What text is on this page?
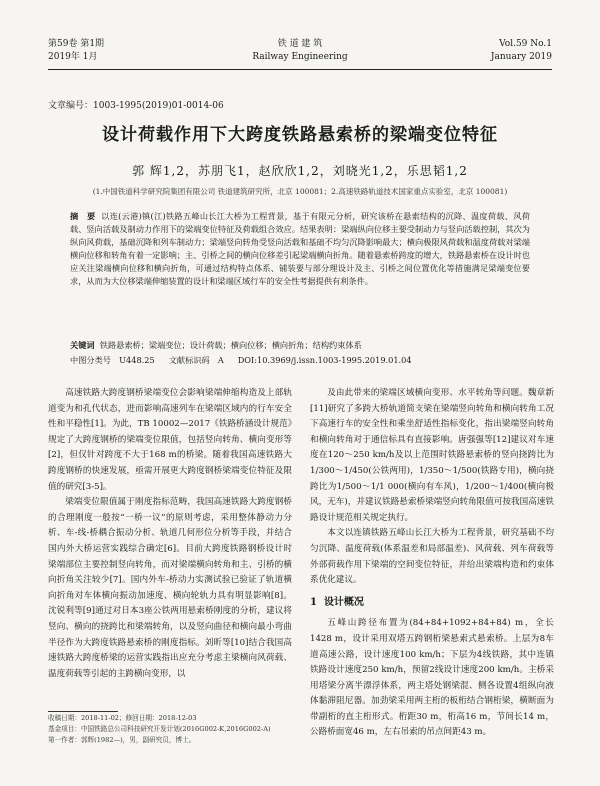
第59卷 第1期	铁 道 建 筑	Vol.59 No.1
2019年 1月	Railway Engineering	January 2019
文章编号：1003-1995(2019)01-0014-06
设计荷载作用下大跨度铁路悬索桥的梁端变位特征
郭 辉1,2，苏朋飞1，赵欣欣1,2，刘晓光1,2，乐思韬1,2
(1.中国铁道科学研究院集团有限公司 铁道建筑研究所，北京 100081；2.高速铁路轨道技术国家重点实验室，北京 100081)
摘　要 以连(云港)镇(江)铁路五峰山长江大桥为工程背景，基于有限元分析，研究该桥在悬索结构的沉降、温度荷载、风荷载、竖向活载及制动力作用下的梁端变位特征及荷载组合效应。结果表明：梁端纵向位移主要受制动力与竖向活载控制，其次为纵向风荷载，基础沉降和列车制动力；梁端竖向转角受竖向活载和基础不均匀沉降影响最大；横向极限风荷载和温度荷载对梁端横向位移和转角有着一定影响；主、引桥之间的横向位移差引起梁端横向折角。随着悬索桥跨度的增大，铁路悬索桥在设计时也应关注梁端横向位移和横向折角，可通过结构特点体系、铺装要与部分理设计及主、引桥之间位置优化等措施满足梁端变位要求，从而为大位移梁端伸缩装置的设计和梁端区域行车的安全性考据提供有利条件。
关键词 铁路悬索桥；梁端变位；设计荷载；横向位移；横向折角；结构约束体系
中图分类号　U448.25 文献标识码　A DOI:10.3969/j.issn.1003-1995.2019.01.04

高速铁路大跨度钢桥梁端变位会影响梁端伸缩构造及上部轨道变为和孔代状态，进而影响高速列车在梁端区域内的行车安全性和平稳性[1]。为此，TB 10002—2017《铁路桥涵设计规范》规定了大跨度钢桥的梁端变位限值，包括竖向转角、横向变形等[2]，但仅针对跨度不大于168 m的桥梁。随着我国高速铁路大跨度钢桥的快速发展，亟需开展更大跨度钢桥梁端变位特征及限值的研究[3-5]。

梁端变位限值属于刚度指标范畴，我国高速铁路大跨度钢桥的合理刚度一般按“一桥一议”的原则考虑，采用整体静动力分析、车-线-桥耦合振动分析、轨道几何形位分析等手段，并结合国内外大桥运营实践综合确定[6]。目前大跨度铁路钢桥设计时梁端部位主要控制竖向转角，而对梁端横向转角和主、引桥的横向折角关注较少[7]。国内外车-桥动力实测试验已验证了轨道横向折角对车体横向振动加速度、横向轮轨力具有明显影响[8]。沈锐利等[9]通过对日本3座公铁两用悬索桥刚度的分析，建议将竖向、横向的挠跨比和梁端转角，以及竖向曲径和横向最小弯曲半径作为大跨度铁路悬索桥的刚度指标。刘昕等[10]结合我国高速铁路大跨度桥梁的运营实践指出应充分考虑主梁横向风荷载、温度荷载等引起的主跨横向变形，以

及由此带来的梁端区域横向变形、水平转角等问题。魏章新[11]研究了多跨大桥轨道简支梁在梁端竖向转角和横向转角工况下高速行车的安全性和乘坐舒适性指标变化，指出梁端竖向转角和横向转角对于通信标具有直接影响。唐强强等[12]建议对车速度在120～250 km/h及以上范围时铁路悬索桥的竖向挠跨比为1/300～1/450(公铁两用)，1/350～1/500(铁路专用)，横向挠跨比为1/500～1/1 000(横向有车风)，1/200～1/400(横向极风，无车)，并建议铁路悬索桥梁端竖向转角限值可按我国高速铁路设计规范相关规定执行。

本文以连镇铁路五峰山长江大桥为工程背景，研究基础不均匀沉降、温度荷载(体系温差和局部温差)、风荷载、列车荷载等外部荷载作用下梁端的空间变位特征，并给出梁端构造和约束体系优化建议。

1 设计概况

五峰山跨径布置为(84+84+1092+84+84) m，全长1428 m，设计采用双塔五跨钢桁梁悬索式悬索桥。上层为8车道高速公路，设计速度100 km/h；下层为4线铁路，其中连镇铁路设计速度250 km/h，预留2线设计速度200 km/h。主桥采用塔梁分离半漂浮体系，两主塔处钢梁混、侧各设置4组纵向液体黏滞阻尼器。加劲梁采用两主桁的板桁结合钢桁梁，横断面为带副桁的直主桁形式。桁距30 m，桁高16 m，节间长14 m，公路桥面宽46 m，左右吊索的吊点间距43 m。

收稿日期：2018-11-02；修回日期：2018-12-03
基金项目：中国铁路总公司科技研究开发计划(2016G002-K,2016G002-A)
第一作者：郭辉(1982—)，男，副研究员，博士。
